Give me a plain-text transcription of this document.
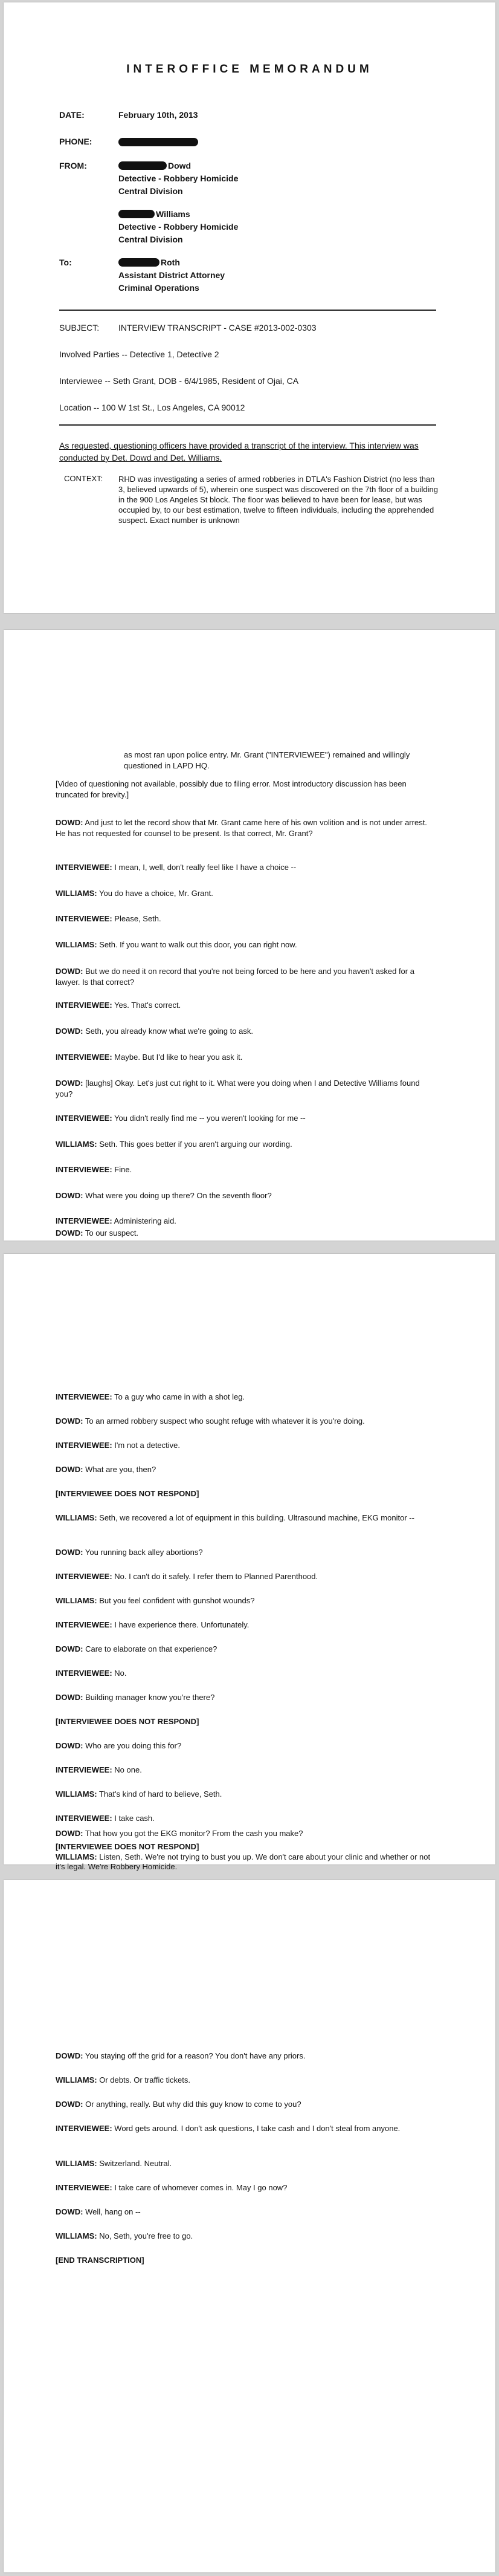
INTEROFFICE MEMORANDUM
DATE:	February 10th, 2013
PHONE:
FROM:	Dowd
Detective - Robbery Homicide
Central Division
Williams
Detective - Robbery Homicide
Central Division
To:	Roth
Assistant District Attorney
Criminal Operations
SUBJECT: INTERVIEW TRANSCRIPT - CASE #2013-002-0303
Involved Parties -- Detective 1, Detective 2
Interviewee -- Seth Grant, DOB - 6/4/1985, Resident of Ojai, CA
Location -- 100 W 1st St., Los Angeles, CA 90012
As requested, questioning officers have provided a transcript of the interview. This interview was conducted by Det. Dowd and Det. Williams.
CONTEXT: RHD was investigating a series of armed robberies in DTLA's Fashion District (no less than 3, believed upwards of 5), wherein one suspect was discovered on the 7th floor of a building in the 900 Los Angeles St block. The floor was believed to have been for lease, but was occupied by, to our best estimation, twelve to fifteen individuals, including the apprehended suspect. Exact number is unknown
as most ran upon police entry. Mr. Grant ("INTERVIEWEE") remained and willingly questioned in LAPD HQ.
[Video of questioning not available, possibly due to filing error. Most introductory discussion has been truncated for brevity.]
DOWD: And just to let the record show that Mr. Grant came here of his own volition and is not under arrest. He has not requested for counsel to be present. Is that correct, Mr. Grant?
INTERVIEWEE: I mean, I, well, don't really feel like I have a choice --
WILLIAMS: You do have a choice, Mr. Grant.
INTERVIEWEE: Please, Seth.
WILLIAMS: Seth. If you want to walk out this door, you can right now.
DOWD: But we do need it on record that you're not being forced to be here and you haven't asked for a lawyer. Is that correct?
INTERVIEWEE: Yes. That's correct.
DOWD: Seth, you already know what we're going to ask.
INTERVIEWEE: Maybe. But I'd like to hear you ask it.
DOWD: [laughs] Okay. Let's just cut right to it. What were you doing when I and Detective Williams found you?
INTERVIEWEE: You didn't really find me -- you weren't looking for me --
WILLIAMS: Seth. This goes better if you aren't arguing our wording.
INTERVIEWEE: Fine.
DOWD: What were you doing up there? On the seventh floor?
INTERVIEWEE: Administering aid.
DOWD: To our suspect.
INTERVIEWEE: To a guy who came in with a shot leg.
DOWD: To an armed robbery suspect who sought refuge with whatever it is you're doing.
INTERVIEWEE: I'm not a detective.
DOWD: What are you, then?
[INTERVIEWEE DOES NOT RESPOND]
WILLIAMS: Seth, we recovered a lot of equipment in this building. Ultrasound machine, EKG monitor --
DOWD: You running back alley abortions?
INTERVIEWEE: No. I can't do it safely. I refer them to Planned Parenthood.
WILLIAMS: But you feel confident with gunshot wounds?
INTERVIEWEE: I have experience there. Unfortunately.
DOWD: Care to elaborate on that experience?
INTERVIEWEE: No.
DOWD: Building manager know you're there?
[INTERVIEWEE DOES NOT RESPOND]
DOWD: Who are you doing this for?
INTERVIEWEE: No one.
WILLIAMS: That's kind of hard to believe, Seth.
INTERVIEWEE: I take cash.
DOWD: That how you got the EKG monitor? From the cash you make?
[INTERVIEWEE DOES NOT RESPOND]
WILLIAMS: Listen, Seth. We're not trying to bust you up. We don't care about your clinic and whether or not it's legal. We're Robbery Homicide.
DOWD: You staying off the grid for a reason? You don't have any priors.
WILLIAMS: Or debts. Or traffic tickets.
DOWD: Or anything, really. But why did this guy know to come to you?
INTERVIEWEE: Word gets around. I don't ask questions, I take cash and I don't steal from anyone.
WILLIAMS: Switzerland. Neutral.
INTERVIEWEE: I take care of whomever comes in. May I go now?
DOWD: Well, hang on --
WILLIAMS: No, Seth, you're free to go.
[END TRANSCRIPTION]
